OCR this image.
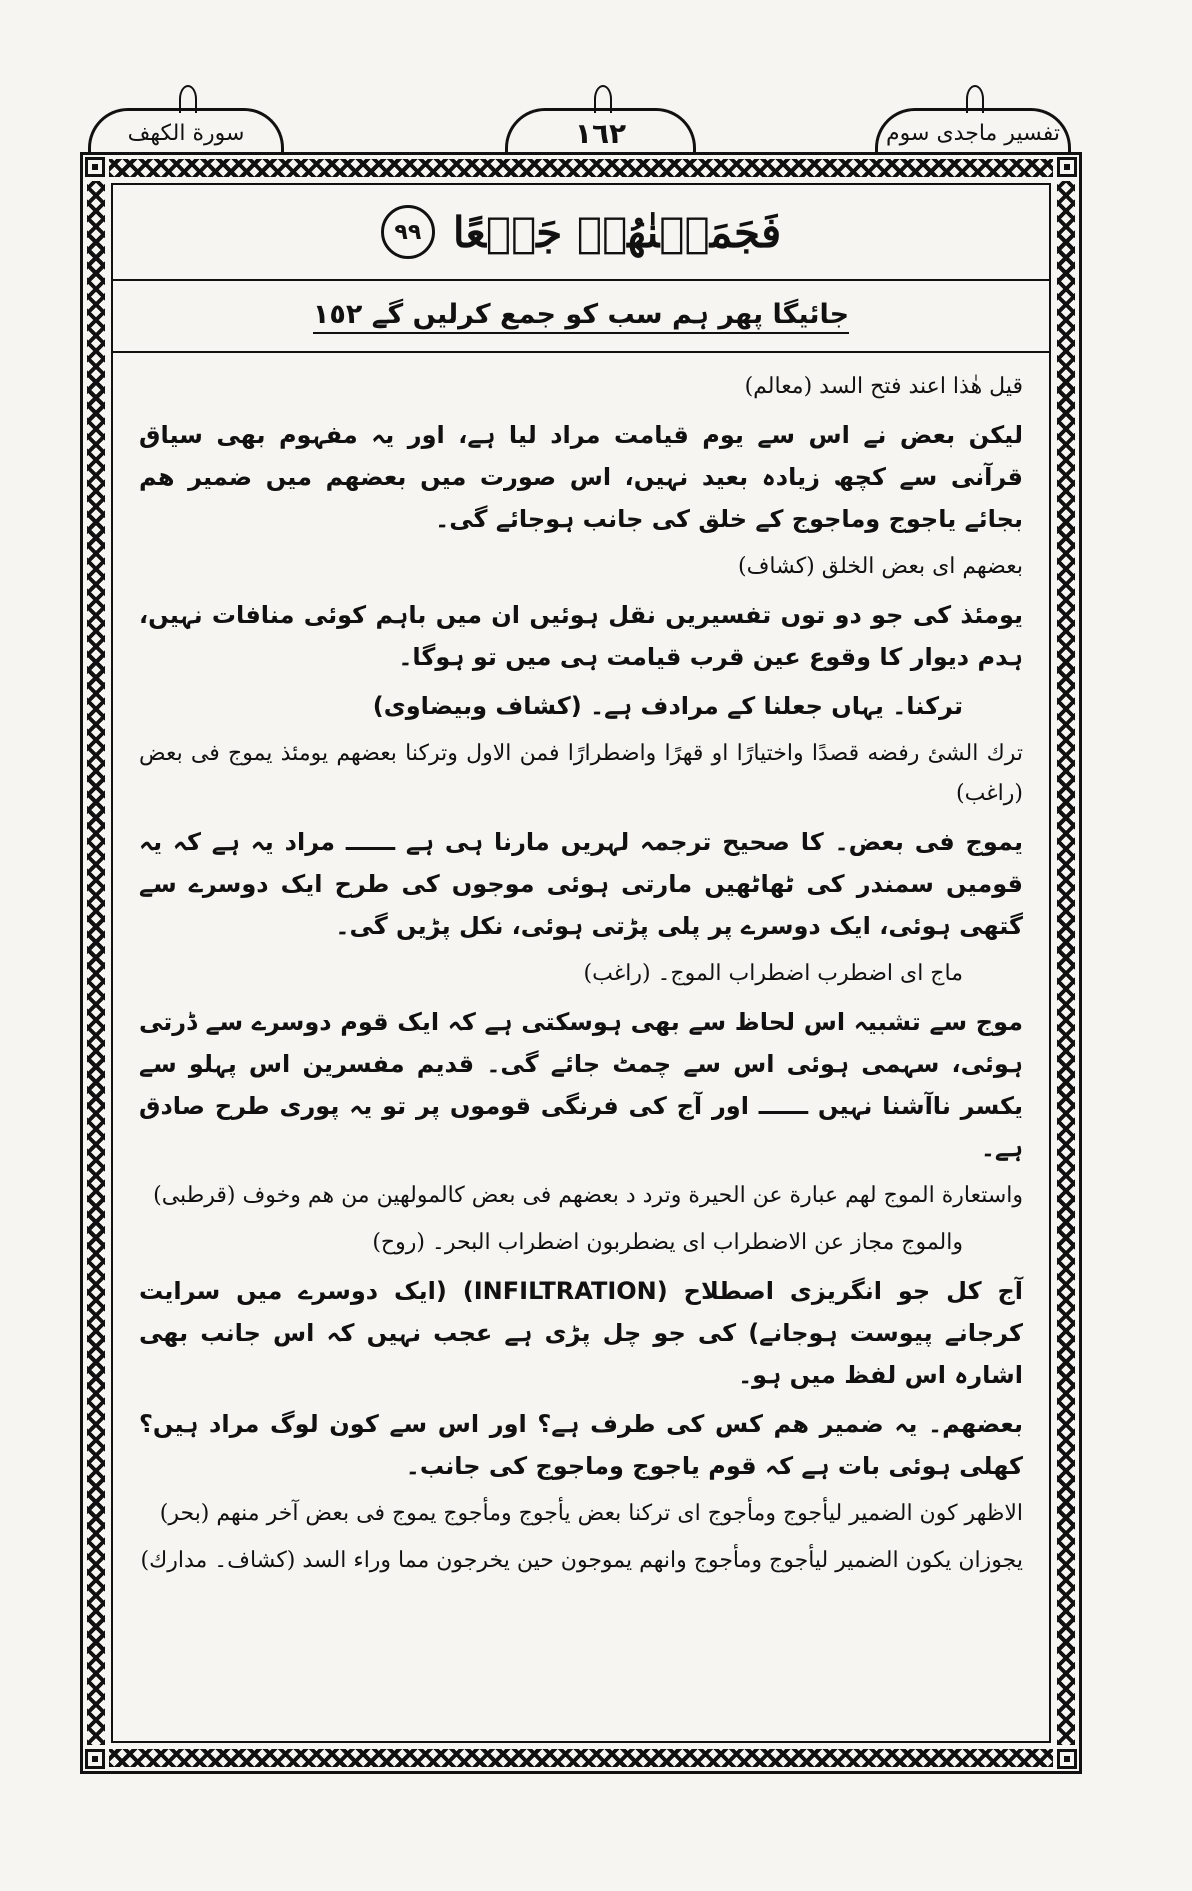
سورة الكهف	١٦٢	تفسیر ماجدی سوم
فَجَمَعۡنٰهُمۡ جَمۡعًا
٩٩
جائیگا پھر ہم سب کو جمع کرلیں گے ١٥٢

قيل هٰذا اعند فتح السد (معالم)

لیکن بعض نے اس سے یوم قیامت مراد لیا ہے، اور یہ مفہوم بھی سیاق قرآنی سے کچھ زیادہ بعید نہیں، اس صورت میں بعضھم میں ضمیر ھم بجائے یاجوج وماجوج کے خلق کی جانب ہوجائے گی۔

بعضهم اى بعض الخلق (كشاف)

یومئذ کی جو دو توں تفسیریں نقل ہوئیں ان میں باہم کوئی منافات نہیں، ہدم دیوار کا وقوع عین قرب قیامت ہی میں تو ہوگا۔

ترکنا۔ یہاں جعلنا کے مرادف ہے۔ (کشاف وبیضاوی)

ترك الشئ رفضه قصدًا واختيارًا او قهرًا واضطرارًا فمن الاول وتركنا بعضهم يومئذ يموج فى بعض (راغب)

یموج فی بعض۔ کا صحیح ترجمہ لہریں مارنا ہی ہے ــــــ مراد یہ ہے کہ یہ قومیں سمندر کی ٹھاٹھیں مارتی ہوئی موجوں کی طرح ایک دوسرے سے گتھی ہوئی، ایک دوسرے پر پلی پڑتی ہوئی، نکل پڑیں گی۔

ماج اى اضطرب اضطراب الموج۔ (راغب)

موج سے تشبیہ اس لحاظ سے بھی ہوسکتی ہے کہ ایک قوم دوسرے سے ڈرتی ہوئی، سہمی ہوئی اس سے چمٹ جائے گی۔ قدیم مفسرین اس پہلو سے یکسر ناآشنا نہیں ــــــ اور آج کی فرنگی قوموں پر تو یہ پوری طرح صادق ہے۔

واستعارة الموج لهم عبارة عن الحيرة وترد د بعضهم فى بعض كالمولهين من هم وخوف (قرطبى)

والموج مجاز عن الاضطراب اى يضطربون اضطراب البحر۔ (روح)

آج کل جو انگریزی اصطلاح (INFILTRATION) (ایک دوسرے میں سرایت کرجانے پیوست ہوجانے) کی جو چل پڑی ہے عجب نہیں کہ اس جانب بھی اشارہ اس لفظ میں ہو۔

بعضھم۔ یہ ضمیر ھم کس کی طرف ہے؟ اور اس سے کون لوگ مراد ہیں؟ کھلی ہوئی بات ہے کہ قوم یاجوج وماجوج کی جانب۔

الاظهر كون الضمير ليأجوج ومأجوج اى تركنا بعض يأجوج ومأجوج يموج فى بعض آخر منهم (بحر)

يجوزان يكون الضمير ليأجوج ومأجوج وانهم يموجون حين يخرجون مما وراء السد (كشاف۔ مدارك)
